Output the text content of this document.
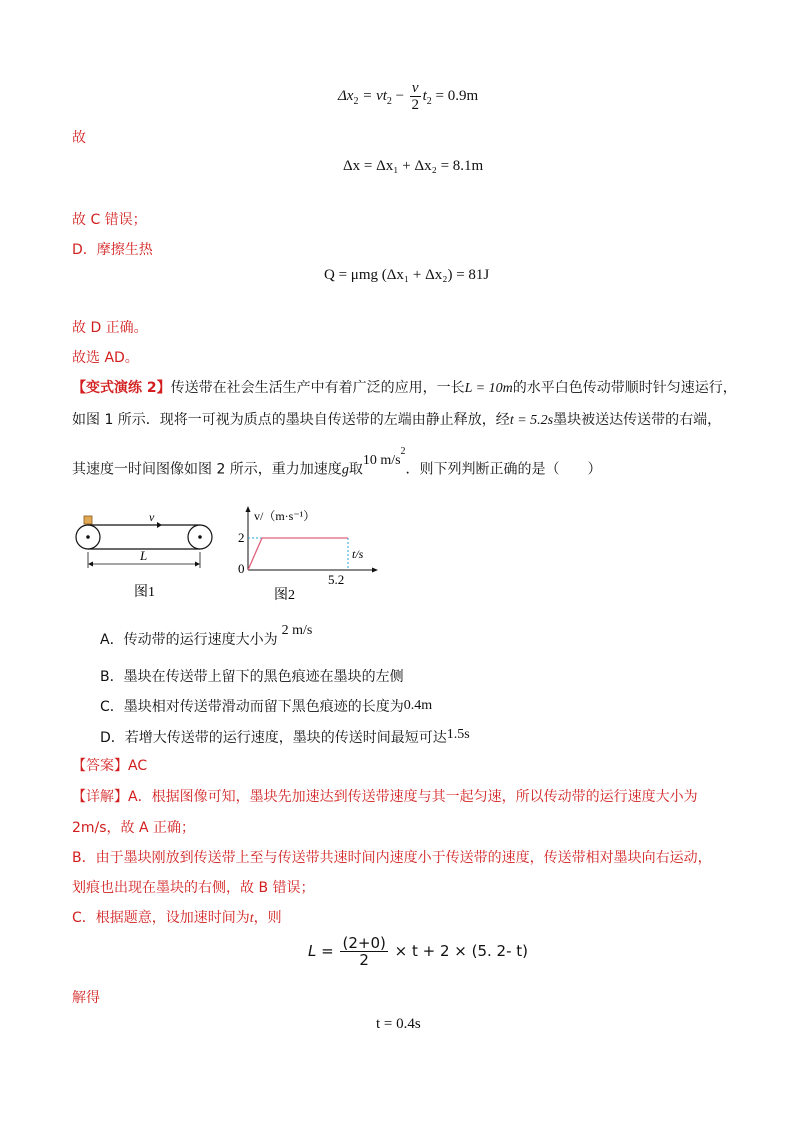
$\Delta x_2 = vt_2 - \frac{v}{2} t_2 = 0.9m$
故
Δx = Δx₁ + Δx₂ = 8.1m
故 C 错误；
D．摩擦生热
Q = μmg (Δx₁ + Δx₂) = 81J
故 D 正确。
故选 AD。
【变式演练 2】传送带在社会生活生产中有着广泛的应用，一长L = 10m的水平白色传动带顺时针匀速运行，
如图 1 所示．现将一可视为质点的墨块自传送带的左端由静止释放，经t = 5.2s墨块被送达传送带的右端，
其速度一时间图像如图 2 所示，重力加速度g取10 $m/s^2$．则下列判断正确的是（　　）
v
L
图1
v/（m·s⁻¹）
t/s
2
0
5.2
图2
A．传动带的运行速度大小为2 m/s
B．墨块在传送带上留下的黑色痕迹在墨块的左侧
C．墨块相对传送带滑动而留下黑色痕迹的长度为0.4m
D．若增大传送带的运行速度，墨块的传送时间最短可达1.5s
【答案】AC
【详解】A．根据图像可知，墨块先加速达到传送带速度与其一起匀速，所以传动带的运行速度大小为
2m/s，故 A 正确；
B．由于墨块刚放到传送带上至与传送带共速时间内速度小于传送带的速度，传送带相对墨块向右运动，
划痕也出现在墨块的右侧，故 B 错误；
C．根据题意，设加速时间为t，则
$L = \frac{(2+0)}{2} \times t + 2 \times (5$. 2- t)
解得
t = 0.4s
